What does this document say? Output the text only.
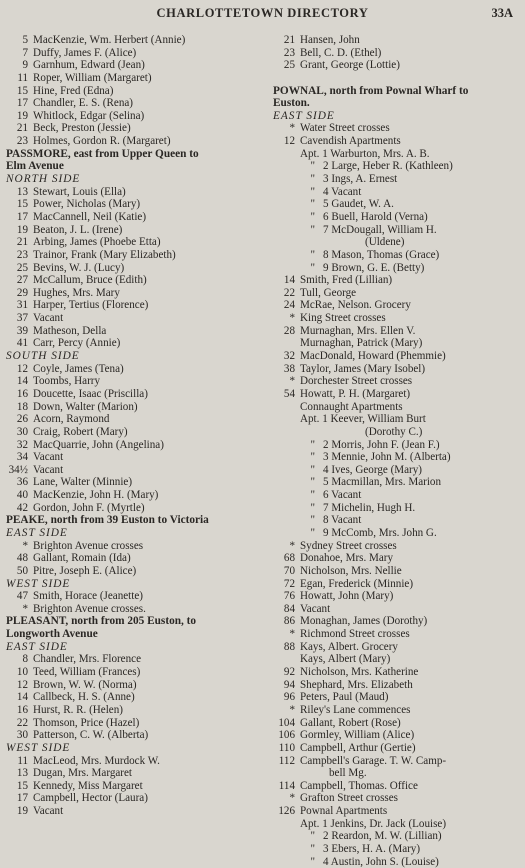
CHARLOTTETOWN DIRECTORY	33A
5 MacKenzie, Wm. Herbert (Annie)
7 Duffy, James F. (Alice)
9 Garnhum, Edward (Jean)
11 Roper, William (Margaret)
15 Hine, Fred (Edna)
17 Chandler, E. S. (Rena)
19 Whitlock, Edgar (Selina)
21 Beck, Preston (Jessie)
23 Holmes, Gordon R. (Margaret)
PASSMORE, east from Upper Queen to
Elm Avenue
NORTH SIDE
13 Stewart, Louis (Ella)
15 Power, Nicholas (Mary)
17 MacCannell, Neil (Katie)
19 Beaton, J. L. (Irene)
21 Arbing, James (Phoebe Etta)
23 Trainor, Frank (Mary Elizabeth)
25 Bevins, W. J. (Lucy)
27 McCallum, Bruce (Edith)
29 Hughes, Mrs. Mary
31 Harper, Tertius (Florence)
37 Vacant
39 Matheson, Della
41 Carr, Percy (Annie)
SOUTH SIDE
12 Coyle, James (Tena)
14 Toombs, Harry
16 Doucette, Isaac (Priscilla)
18 Down, Walter (Marion)
26 Acorn, Raymond
30 Craig, Robert (Mary)
32 MacQuarrie, John (Angelina)
34 Vacant
34½ Vacant
36 Lane, Walter (Minnie)
40 MacKenzie, John H. (Mary)
42 Gordon, John F. (Myrtle)
PEAKE, north from 39 Euston to Victoria
EAST SIDE
* Brighton Avenue crosses
48 Gallant, Romain (Ida)
50 Pitre, Joseph E. (Alice)
WEST SIDE
47 Smith, Horace (Jeanette)
* Brighton Avenue crosses.
PLEASANT, north from 205 Euston, to
Longworth Avenue
EAST SIDE
8 Chandler, Mrs. Florence
10 Teed, William (Frances)
12 Brown, W. W. (Norma)
14 Callbeck, H. S. (Anne)
16 Hurst, R. R. (Helen)
22 Thomson, Price (Hazel)
30 Patterson, C. W. (Alberta)
WEST SIDE
11 MacLeod, Mrs. Murdock W.
13 Dugan, Mrs. Margaret
15 Kennedy, Miss Margaret
17 Campbell, Hector (Laura)
19 Vacant
21 Hansen, John
23 Bell, C. D. (Ethel)
25 Grant, George (Lottie)
POWNAL, north from Pownal Wharf to
Euston.
EAST SIDE
* Water Street crosses
12 Cavendish Apartments
Apt. 1 Warburton, Mrs. A. B.
" 2 Large, Heber R. (Kathleen)
" 3 Ings, A. Ernest
" 4 Vacant
" 5 Gaudet, W. A.
" 6 Buell, Harold (Verna)
" 7 McDougall, William H.
(Uldene)
" 8 Mason, Thomas (Grace)
" 9 Brown, G. E. (Betty)
14 Smith, Fred (Lillian)
22 Tull, George
24 McRae, Nelson. Grocery
* King Street crosses
28 Murnaghan, Mrs. Ellen V.
Murnaghan, Patrick (Mary)
32 MacDonald, Howard (Phemmie)
38 Taylor, James (Mary Isobel)
* Dorchester Street crosses
54 Howatt, P. H. (Margaret)
Connaught Apartments
Apt. 1 Keever, William Burt
(Dorothy C.)
" 2 Morris, John F. (Jean F.)
" 3 Mennie, John M. (Alberta)
" 4 Ives, George (Mary)
" 5 Macmillan, Mrs. Marion
" 6 Vacant
" 7 Michelin, Hugh H.
" 8 Vacant
" 9 McComb, Mrs. John G.
* Sydney Street crosses
68 Donahoe, Mrs. Mary
70 Nicholson, Mrs. Nellie
72 Egan, Frederick (Minnie)
76 Howatt, John (Mary)
84 Vacant
86 Monaghan, James (Dorothy)
* Richmond Street crosses
88 Kays, Albert. Grocery
Kays, Albert (Mary)
92 Nicholson, Mrs. Katherine
94 Shephard, Mrs. Elizabeth
96 Peters, Paul (Maud)
* Riley's Lane commences
104 Gallant, Robert (Rose)
106 Gormley, William (Alice)
110 Campbell, Arthur (Gertie)
112 Campbell's Garage. T. W. Camp-
bell Mg.
114 Campbell, Thomas. Office
* Grafton Street crosses
126 Pownal Apartments
Apt. 1 Jenkins, Dr. Jack (Louise)
" 2 Reardon, M. W. (Lillian)
" 3 Ebers, H. A. (Mary)
" 4 Austin, John S. (Louise)
